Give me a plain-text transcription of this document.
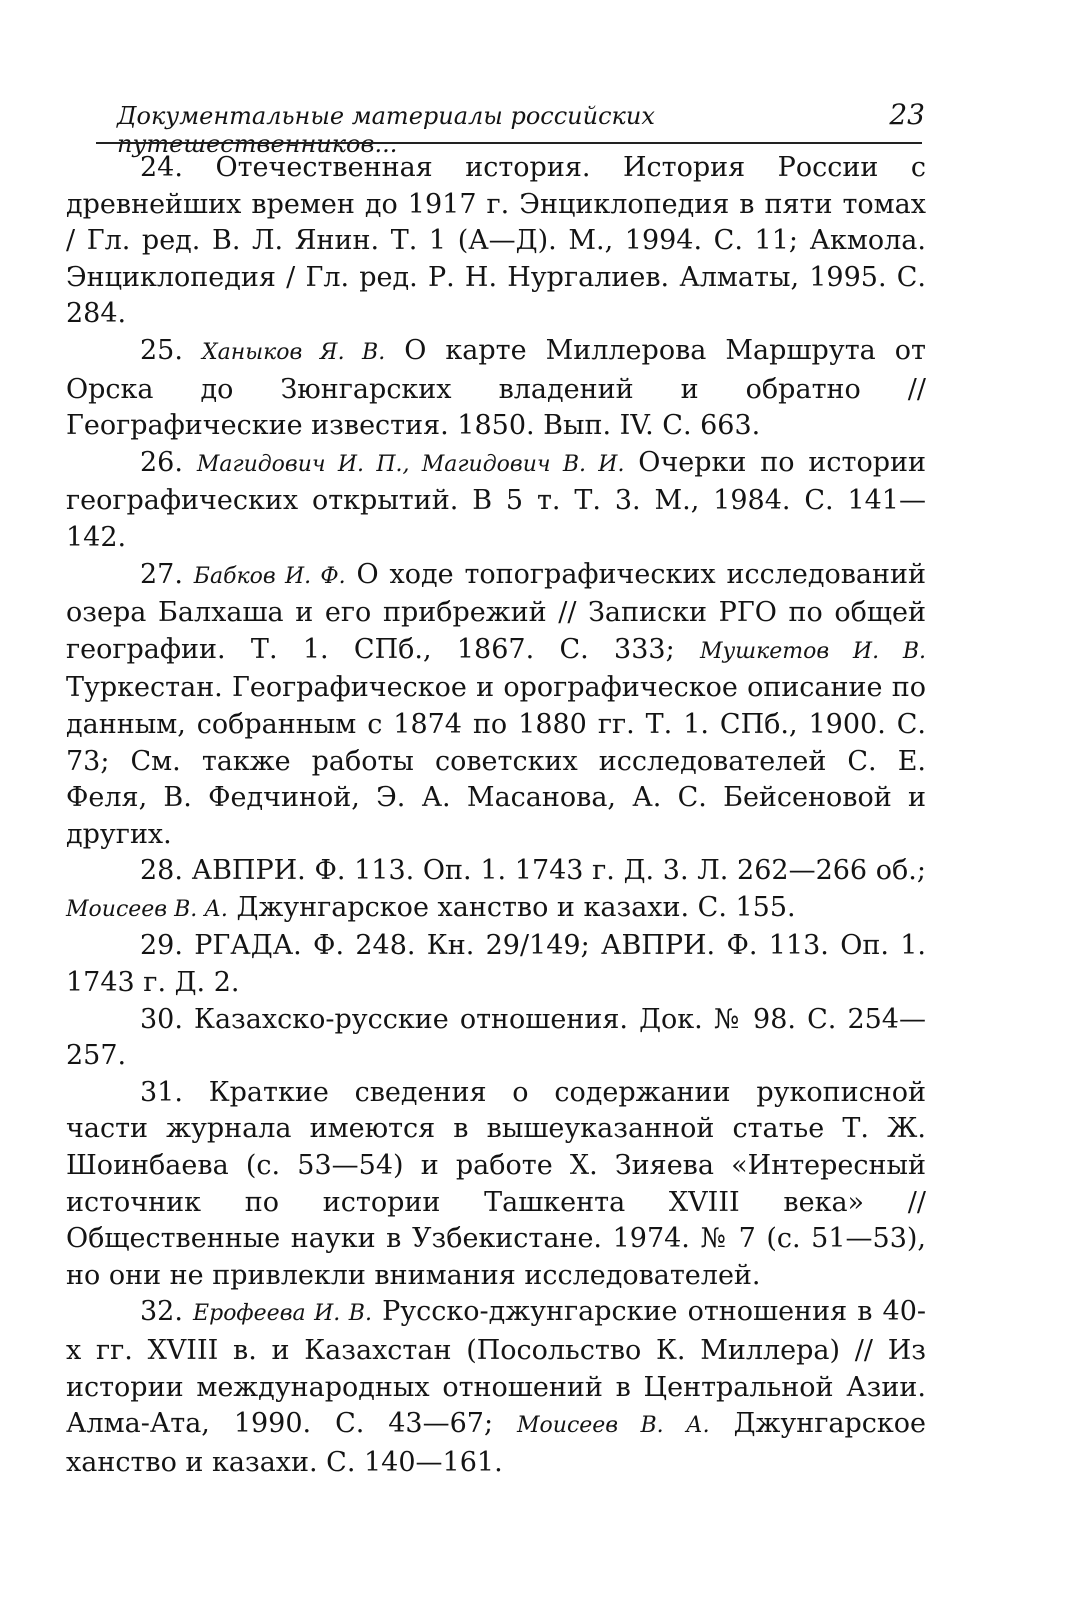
Документальные материалы российских путешественников...
23

24. Отечественная история. История России с древнейших времен до 1917 г. Энциклопедия в пяти томах / Гл. ред. В. Л. Янин. Т. 1 (А—Д). М., 1994. С. 11; Акмола. Энциклопедия / Гл. ред. Р. Н. Нургалиев. Алматы, 1995. С. 284.

25. Ханыков Я. В. О карте Миллерова Маршрута от Орска до Зюнгарских владений и обратно // Географические известия. 1850. Вып. IV. С. 663.

26. Магидович И. П., Магидович В. И. Очерки по истории географических открытий. В 5 т. Т. 3. М., 1984. С. 141—142.

27. Бабков И. Ф. О ходе топографических исследований озера Балхаша и его прибрежий // Записки РГО по общей географии. Т. 1. СПб., 1867. С. 333; Мушкетов И. В. Туркестан. Географическое и орографическое описание по данным, собранным с 1874 по 1880 гг. Т. 1. СПб., 1900. С. 73; См. также работы советских исследователей С. Е. Феля, В. Федчиной, Э. А. Масанова, А. С. Бейсеновой и других.

28. АВПРИ. Ф. 113. Оп. 1. 1743 г. Д. 3. Л. 262—266 об.; Моисеев В. А. Джунгарское ханство и казахи. С. 155.

29. РГАДА. Ф. 248. Кн. 29/149; АВПРИ. Ф. 113. Оп. 1. 1743 г. Д. 2.

30. Казахско-русские отношения. Док. № 98. С. 254—257.

31. Краткие сведения о содержании рукописной части журнала имеются в вышеуказанной статье Т. Ж. Шоинбаева (с. 53—54) и работе Х. Зияева «Интересный источник по истории Ташкента XVIII века» // Общественные науки в Узбекистане. 1974. № 7 (с. 51—53), но они не привлекли внимания исследователей.

32. Ерофеева И. В. Русско-джунгарские отношения в 40-х гг. XVIII в. и Казахстан (Посольство К. Миллера) // Из истории международных отношений в Центральной Азии. Алма-Ата, 1990. С. 43—67; Моисеев В. А. Джунгарское ханство и казахи. С. 140—161.
